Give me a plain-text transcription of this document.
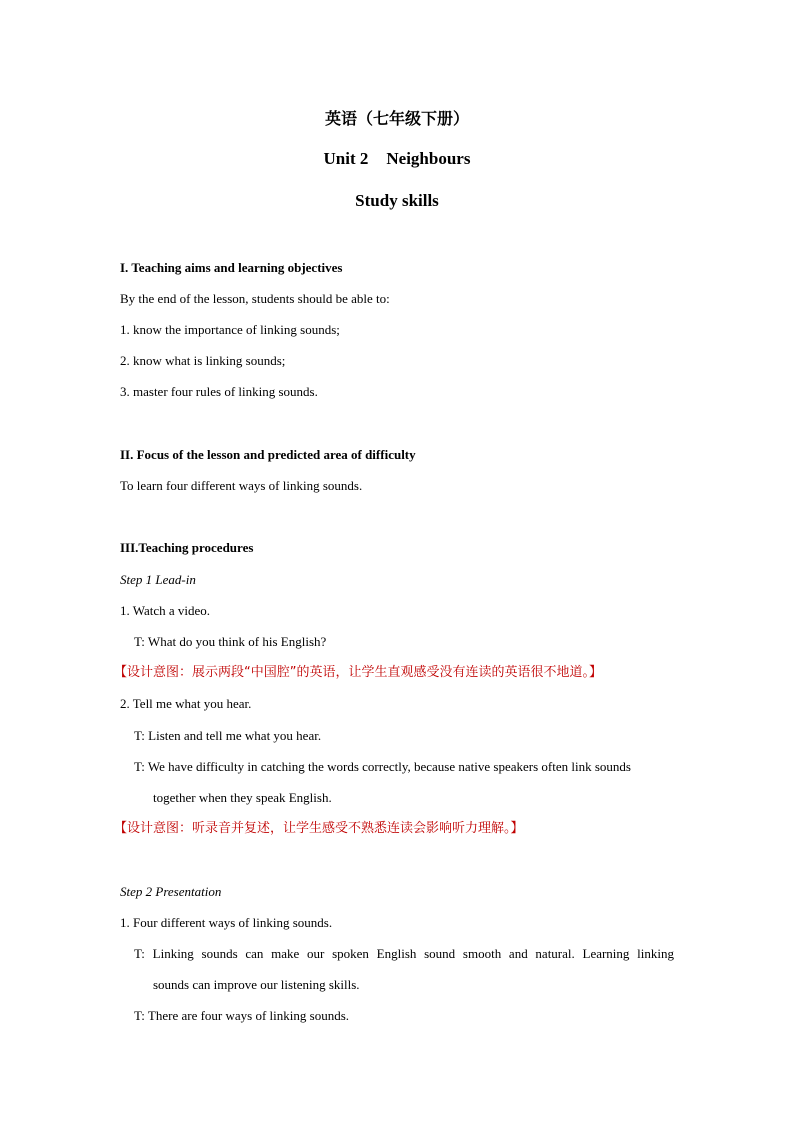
英语（七年级下册）
Unit 2 Neighbours
Study skills
I. Teaching aims and learning objectives
By the end of the lesson, students should be able to:
1. know the importance of linking sounds;
2. know what is linking sounds;
3. master four rules of linking sounds.
II. Focus of the lesson and predicted area of difficulty
To learn four different ways of linking sounds.
III.Teaching procedures
Step 1 Lead-in
1. Watch a video.
T: What do you think of his English?
【设计意图：展示两段“中国腔”的英语，让学生直观感受没有连读的英语很不地道。】
2. Tell me what you hear.
T: Listen and tell me what you hear.
T: We have difficulty in catching the words correctly, because native speakers often link sounds
together when they speak English.
【设计意图：听录音并复述，让学生感受不熟悉连读会影响听力理解。】
Step 2 Presentation
1. Four different ways of linking sounds.
T: Linking sounds can make our spoken English sound smooth and natural. Learning linking
sounds can improve our listening skills.
T: There are four ways of linking sounds.
